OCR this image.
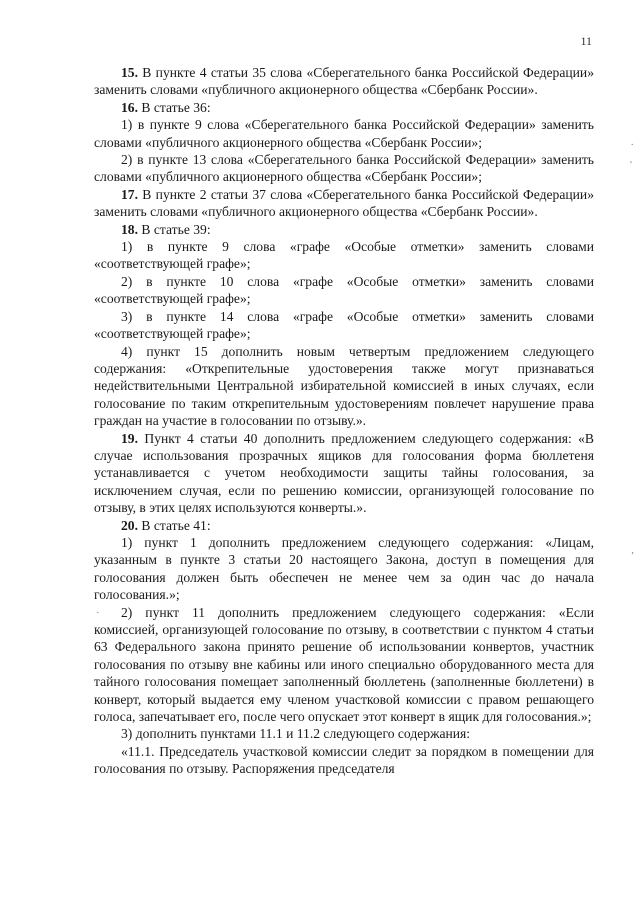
11

15. В пункте 4 статьи 35 слова «Сберегательного банка Российской Федерации» заменить словами «публичного акционерного общества «Сбербанк России».

16. В статье 36:

1) в пункте 9 слова «Сберегательного банка Российской Федерации» заменить словами «публичного акционерного общества «Сбербанк России»;

2) в пункте 13 слова «Сберегательного банка Российской Федерации» заменить словами «публичного акционерного общества «Сбербанк России»;

17. В пункте 2 статьи 37 слова «Сберегательного банка Российской Федерации» заменить словами «публичного акционерного общества «Сбербанк России».

18. В статье 39:

1) в пункте 9 слова «графе «Особые отметки» заменить словами «соответствующей графе»;

2) в пункте 10 слова «графе «Особые отметки» заменить словами «соответствующей графе»;

3) в пункте 14 слова «графе «Особые отметки» заменить словами «соответствующей графе»;

4) пункт 15 дополнить новым четвертым предложением следующего содержания: «Открепительные удостоверения также могут признаваться недействительными Центральной избирательной комиссией в иных случаях, если голосование по таким открепительным удостоверениям повлечет нарушение права граждан на участие в голосовании по отзыву.».

19. Пункт 4 статьи 40 дополнить предложением следующего содержания: «В случае использования прозрачных ящиков для голосования форма бюллетеня устанавливается с учетом необходимости защиты тайны голосования, за исключением случая, если по решению комиссии, организующей голосование по отзыву, в этих целях используются конверты.».

20. В статье 41:

1) пункт 1 дополнить предложением следующего содержания: «Лицам, указанным в пункте 3 статьи 20 настоящего Закона, доступ в помещения для голосования должен быть обеспечен не менее чем за один час до начала голосования.»;

2) пункт 11 дополнить предложением следующего содержания: «Если комиссией, организующей голосование по отзыву, в соответствии с пунктом 4 статьи 63 Федерального закона принято решение об использовании конвертов, участник голосования по отзыву вне кабины или иного специально оборудованного места для тайного голосования помещает заполненный бюллетень (заполненные бюллетени) в конверт, который выдается ему членом участковой комиссии с правом решающего голоса, запечатывает его, после чего опускает этот конверт в ящик для голосования.»;

3) дополнить пунктами 11.1 и 11.2 следующего содержания:

«11.1. Председатель участковой комиссии следит за порядком в помещении для голосования по отзыву. Распоряжения председателя

·
'
,
·
